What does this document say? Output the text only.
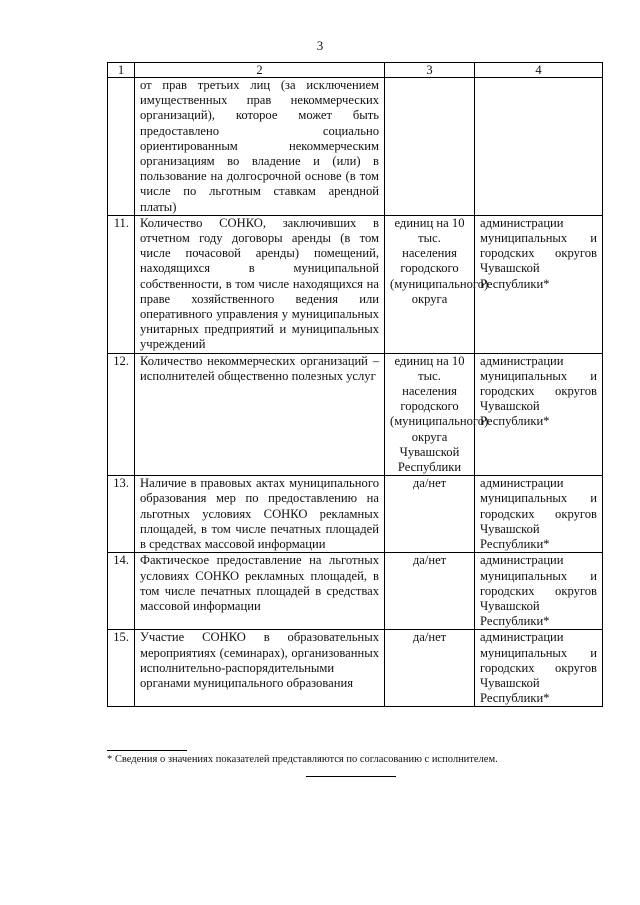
3
1	2	3	4
	от прав третьих лиц (за исключением имущественных прав некоммерческих организаций), которое может быть предоставлено социально ориентированным некоммерческим организациям во владение и (или) в пользование на долгосрочной основе (в том числе по льготным ставкам арендной платы)		
11.	Количество СОНКО, заключивших в отчетном году договоры аренды (в том числе почасовой аренды) помещений, находящихся в муниципальной собственности, в том числе находящихся на праве хозяйственного ведения или оперативного управления у муниципальных унитарных предприятий и муниципальных учреждений	единиц на 10 тыс. населения городского (муниципального) округа	администрации муниципальных и городских округов Чувашской Республики*
12.	Количество некоммерческих организаций – исполнителей общественно полезных услуг	единиц на 10 тыс. населения городского (муниципального) округа Чувашской Республики	администрации муниципальных и городских округов Чувашской Республики*
13.	Наличие в правовых актах муниципального образования мер по предоставлению на льготных условиях СОНКО рекламных площадей, в том числе печатных площадей в средствах массовой информации	да/нет	администрации муниципальных и городских округов Чувашской Республики*
14.	Фактическое предоставление на льготных условиях СОНКО рекламных площадей, в том числе печатных площадей в средствах массовой информации	да/нет	администрации муниципальных и городских округов Чувашской Республики*
15.	Участие СОНКО в образовательных мероприятиях (семинарах), организованных исполнительно-распорядительными органами муниципального образования	да/нет	администрации муниципальных и городских округов Чувашской Республики*
* Сведения о значениях показателей представляются по согласованию с исполнителем.
